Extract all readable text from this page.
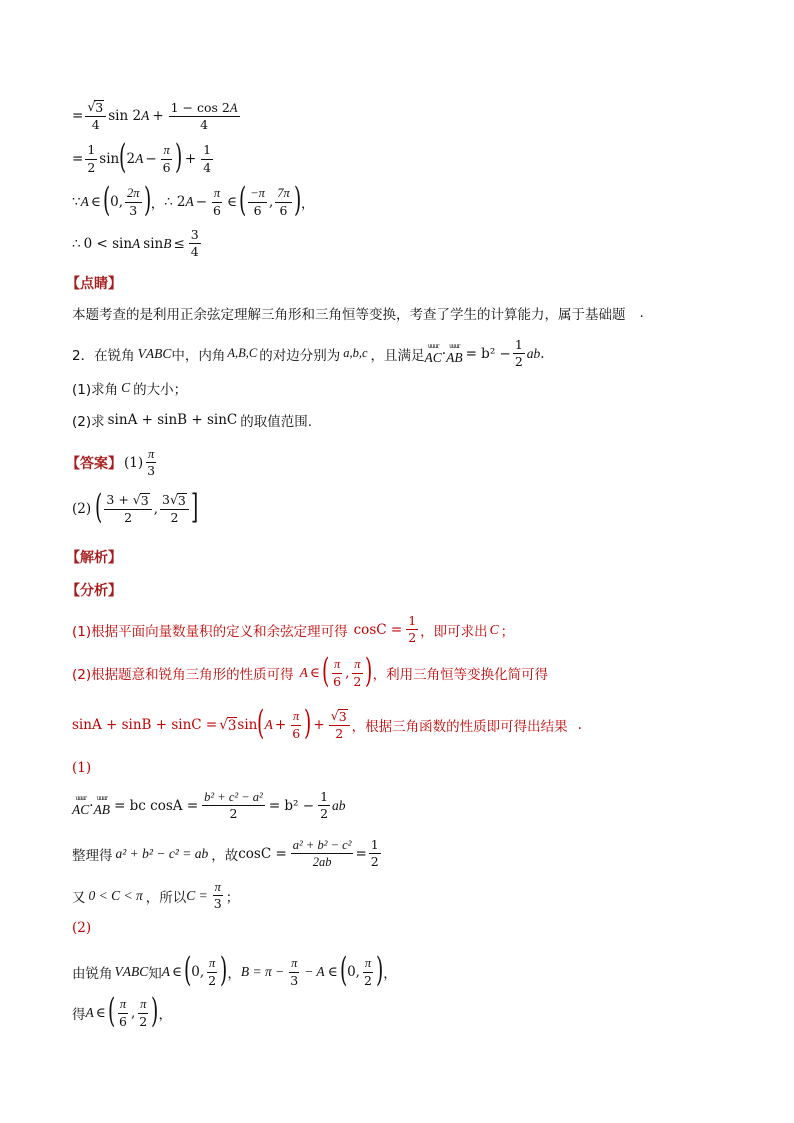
= $\frac{√ 3}{4}$ sin 2 $A + \frac{1 - \cos 2A}{4}$
= $\frac{1}{2}$ sin ( 2 $A - \frac{\pi}{6}$ ) + $\frac{1}{4}$
∵ A ∈ ( 0, $\frac{2\pi}{3}$ ) ， ∴ 2 $A - \frac{\pi}{6}$ ∈ ( $\frac{-\pi}{6}$ , $\frac{7\pi}{6}$ ) ，
∴ 0 < sin A $\sin B \le \frac{3}{4}$
【点睛】
本题考查的是利用正余弦定理解三角形和三角恒等变换，考查了学生的计算能力，属于基础题 .
2．在锐角 V ABC 中，内角 A,B,C 的对边分别为 a,b,c ，且满足
uuur
AC · uuur
AB = $b^2 - \frac{1}{2}$ ab .
(1)求角 C 的大小；
(2)求 sinA + sinB + sinC 的取值范围.
【答案】 $(1) \frac{\pi}{3}$
(2) ( $\frac{3 + √ 3}{2}$ , $\frac{3√ 3}{2}$ ]
【解析】
【分析】
(1)根据平面向量数量积的定义和余弦定理可得 $\cos C = \frac{1}{2}$ ，即可求出 C ；
(2)根据题意和锐角三角形的性质可得 A ∈ ( $\frac{\pi}{6}$ , $\frac{\pi}{2}$ ) ，利用三角恒等变换化简可得
sinA + sinB + sinC = √ 3 sin ( $A + \frac{\pi}{6}$ ) + $\frac{√ 3}{2}$ ，根据三角函数的性质即可得出结果 .
(1)
uuur
AC · uuur
AB = bc $\cos A = \frac{\text{b² + c² − a²}}{2} = b^2 - \frac{1}{2}$ ab
整理得 a² + b² − c² = ab ，故 $\cos C = \frac{\text{a² + b² − c²}}{2ab} = \frac{1}{2}$
又 0 < C < π ，所以 $C = \frac{\pi}{3}$ ；
(2)
由锐角 V ABC 知 A ∈ ( 0, $\frac{\pi}{2}$ ) ， $B = \pi - \frac{\pi}{3} - A$ ∈ ( 0, $\frac{\pi}{2}$ ) ，
得 A ∈ ( $\frac{\pi}{6}$ , $\frac{\pi}{2}$ ) ，
